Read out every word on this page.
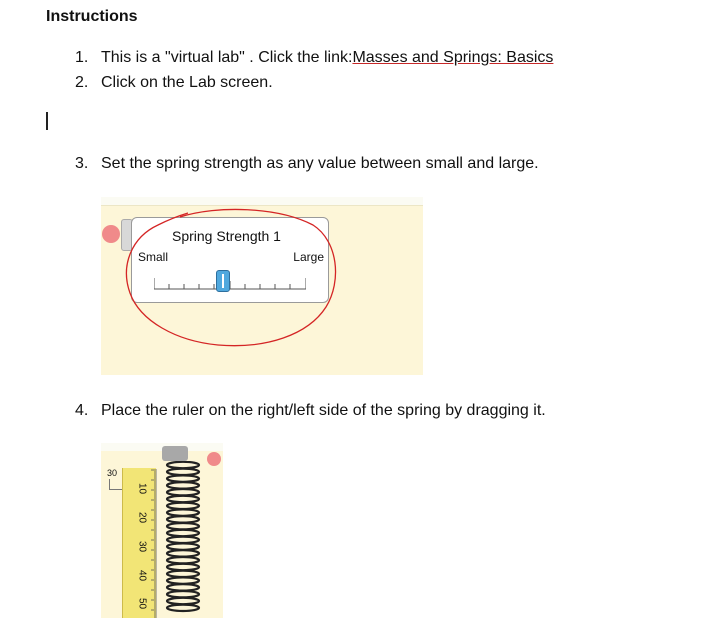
Instructions
1. This is a "virtual lab" . Click the link:Masses and Springs: Basics
2. Click on the Lab screen.
3. Set the spring strength as any value between small and large.
Spring Strength 1
Small	Large
4. Place the ruler on the right/left side of the spring by dragging it.
30
10
20
30
40
50
